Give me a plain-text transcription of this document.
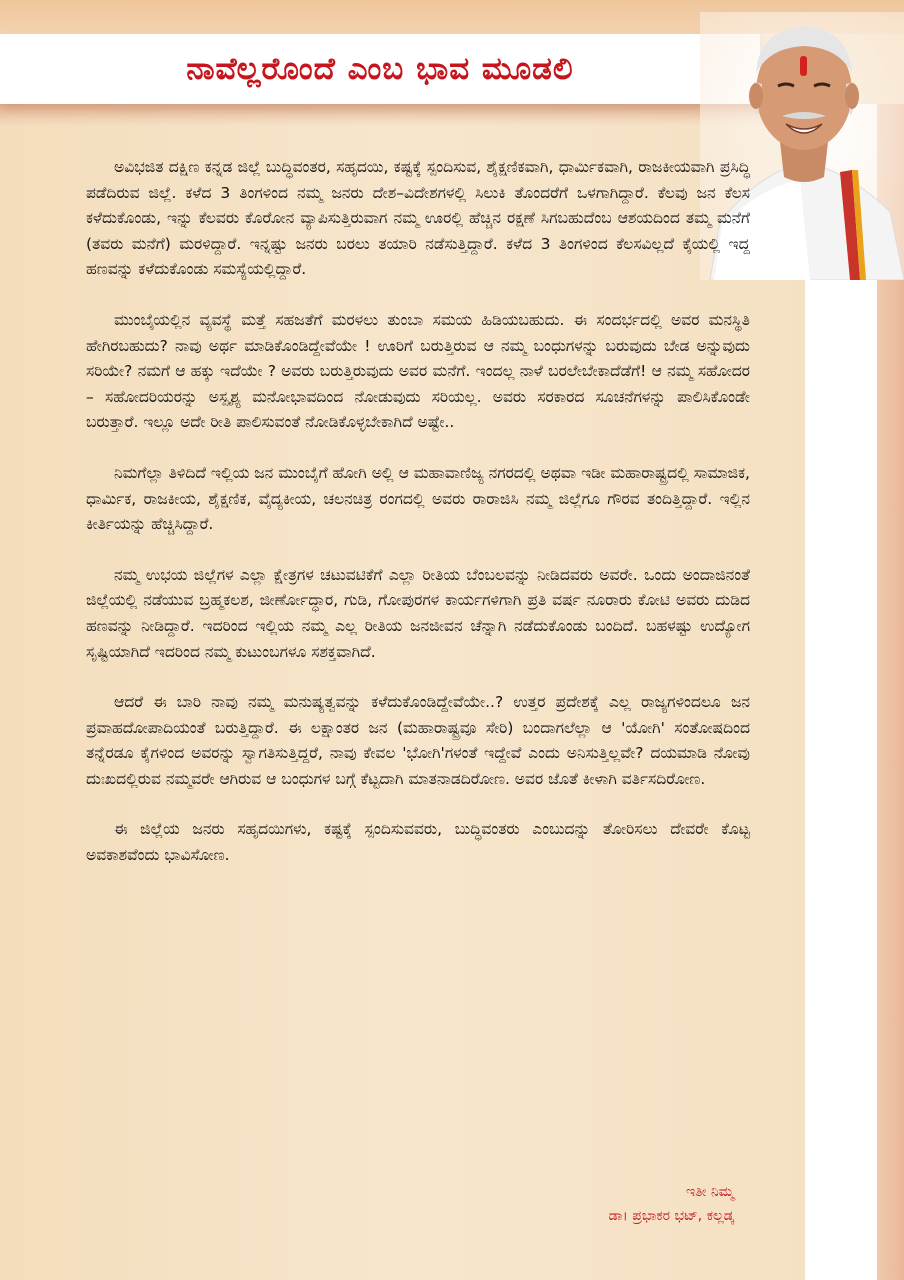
ನಾವೆಲ್ಲರೊಂದೆ ಎಂಬ ಭಾವ ಮೂಡಲಿ

ಅವಿಭಜಿತ ದಕ್ಷಿಣ ಕನ್ನಡ ಜಿಲ್ಲೆ ಬುದ್ಧಿವಂತರ, ಸಹೃದಯಿ, ಕಷ್ಟಕ್ಕೆ ಸ್ಪಂದಿಸುವ, ಶೈಕ್ಷಣಿಕವಾಗಿ, ಧಾರ್ಮಿಕವಾಗಿ, ರಾಜಕೀಯವಾಗಿ ಪ್ರಸಿದ್ಧಿ ಪಡೆದಿರುವ ಜಿಲ್ಲೆ. ಕಳೆದ 3 ತಿಂಗಳಿಂದ ನಮ್ಮ ಜನರು ದೇಶ–ವಿದೇಶಗಳಲ್ಲಿ ಸಿಲುಕಿ ತೊಂದರೆಗೆ ಒಳಗಾಗಿದ್ದಾರೆ. ಕೆಲವು ಜನ ಕೆಲಸ ಕಳೆದುಕೊಂಡು, ಇನ್ನು ಕೆಲವರು ಕೊರೋನ ವ್ಯಾಪಿಸುತ್ತಿರುವಾಗ ನಮ್ಮ ಊರಲ್ಲಿ ಹೆಚ್ಚಿನ ರಕ್ಷಣೆ ಸಿಗಬಹುದೆಂಬ ಆಶಯದಿಂದ ತಮ್ಮ ಮನೆಗೆ (ತವರು ಮನೆಗೆ) ಮರಳಿದ್ದಾರೆ. ಇನ್ನಷ್ಟು ಜನರು ಬರಲು ತಯಾರಿ ನಡೆಸುತ್ತಿದ್ದಾರೆ. ಕಳೆದ 3 ತಿಂಗಳಿಂದ ಕೆಲಸವಿಲ್ಲದೆ ಕೈಯಲ್ಲಿ ಇದ್ದ ಹಣವನ್ನು ಕಳೆದುಕೊಂಡು ಸಮಸ್ಯೆಯಲ್ಲಿದ್ದಾರೆ.

ಮುಂಬೈಯಲ್ಲಿನ ವ್ಯವಸ್ಥೆ ಮತ್ತೆ ಸಹಜತೆಗೆ ಮರಳಲು ತುಂಬಾ ಸಮಯ ಹಿಡಿಯಬಹುದು. ಈ ಸಂದರ್ಭದಲ್ಲಿ ಅವರ ಮನಸ್ಥಿತಿ ಹೇಗಿರಬಹುದು? ನಾವು ಅರ್ಥ ಮಾಡಿಕೊಂಡಿದ್ದೇವೆಯೇ ! ಊರಿಗೆ ಬರುತ್ತಿರುವ ಆ ನಮ್ಮ ಬಂಧುಗಳನ್ನು ಬರುವುದು ಬೇಡ ಅನ್ನುವುದು ಸರಿಯೇ? ನಮಗೆ ಆ ಹಕ್ಕು ಇದೆಯೇ ? ಅವರು ಬರುತ್ತಿರುವುದು ಅವರ ಮನೆಗೆ. ಇಂದಲ್ಲ ನಾಳೆ ಬರಲೇಬೇಕಾದೆಡೆಗೆ! ಆ ನಮ್ಮ ಸಹೋದರ – ಸಹೋದರಿಯರನ್ನು ಅಸ್ಪೃಶ್ಯ ಮನೋಭಾವದಿಂದ ನೋಡುವುದು ಸರಿಯಲ್ಲ. ಅವರು ಸರಕಾರದ ಸೂಚನೆಗಳನ್ನು ಪಾಲಿಸಿಕೊಂಡೇ ಬರುತ್ತಾರೆ. ಇಲ್ಲೂ ಅದೇ ರೀತಿ ಪಾಲಿಸುವಂತೆ ನೋಡಿಕೊಳ್ಳಬೇಕಾಗಿದೆ ಅಷ್ಟೇ..

ನಿಮಗೆಲ್ಲಾ ತಿಳಿದಿದೆ ಇಲ್ಲಿಯ ಜನ ಮುಂಬೈಗೆ ಹೋಗಿ ಅಲ್ಲಿ ಆ ಮಹಾವಾಣಿಜ್ಯ ನಗರದಲ್ಲಿ ಅಥವಾ ಇಡೀ ಮಹಾರಾಷ್ಟ್ರದಲ್ಲಿ ಸಾಮಾಜಿಕ, ಧಾರ್ಮಿಕ, ರಾಜಕೀಯ, ಶೈಕ್ಷಣಿಕ, ವೈದ್ಯಕೀಯ, ಚಲನಚಿತ್ರ ರಂಗದಲ್ಲಿ ಅವರು ರಾರಾಜಿಸಿ ನಮ್ಮ ಜಿಲ್ಲೆಗೂ ಗೌರವ ತಂದಿತ್ತಿದ್ದಾರೆ. ಇಲ್ಲಿನ ಕೀರ್ತಿಯನ್ನು ಹೆಚ್ಚಿಸಿದ್ದಾರೆ.

ನಮ್ಮ ಉಭಯ ಜಿಲ್ಲೆಗಳ ಎಲ್ಲಾ ಕ್ಷೇತ್ರಗಳ ಚಟುವಟಿಕೆಗೆ ಎಲ್ಲಾ ರೀತಿಯ ಬೆಂಬಲವನ್ನು ನೀಡಿದವರು ಅವರೇ. ಒಂದು ಅಂದಾಜಿನಂತೆ ಜಿಲ್ಲೆಯಲ್ಲಿ ನಡೆಯುವ ಬ್ರಹ್ಮಕಲಶ, ಜೀರ್ಣೋದ್ಧಾರ, ಗುಡಿ, ಗೋಪುರಗಳ ಕಾರ್ಯಗಳಿಗಾಗಿ ಪ್ರತಿ ವರ್ಷ ನೂರಾರು ಕೋಟಿ ಅವರು ದುಡಿದ ಹಣವನ್ನು ನೀಡಿದ್ದಾರೆ. ಇದರಿಂದ ಇಲ್ಲಿಯ ನಮ್ಮ ಎಲ್ಲ ರೀತಿಯ ಜನಜೀವನ ಚೆನ್ನಾಗಿ ನಡೆದುಕೊಂಡು ಬಂದಿದೆ. ಬಹಳಷ್ಟು ಉದ್ಯೋಗ ಸೃಷ್ಟಿಯಾಗಿದೆ ಇದರಿಂದ ನಮ್ಮ ಕುಟುಂಬಗಳೂ ಸಶಕ್ತವಾಗಿದೆ.

ಆದರೆ ಈ ಬಾರಿ ನಾವು ನಮ್ಮ ಮನುಷ್ಯತ್ವವನ್ನು ಕಳೆದುಕೊಂಡಿದ್ದೇವೆಯೇ..? ಉತ್ತರ ಪ್ರದೇಶಕ್ಕೆ ಎಲ್ಲ ರಾಜ್ಯಗಳಿಂದಲೂ ಜನ ಪ್ರವಾಹದೋಪಾದಿಯಂತೆ ಬರುತ್ತಿದ್ದಾರೆ. ಈ ಲಕ್ಷಾಂತರ ಜನ (ಮಹಾರಾಷ್ಟ್ರವೂ ಸೇರಿ) ಬಂದಾಗಲೆಲ್ಲಾ ಆ 'ಯೋಗಿ' ಸಂತೋಷದಿಂದ ತನ್ನೆರಡೂ ಕೈಗಳಿಂದ ಅವರನ್ನು ಸ್ವಾಗತಿಸುತ್ತಿದ್ದರೆ, ನಾವು ಕೇವಲ 'ಭೋಗಿ'ಗಳಂತೆ ಇದ್ದೇವೆ ಎಂದು ಅನಿಸುತ್ತಿಲ್ಲವೇ? ದಯಮಾಡಿ ನೋವು ದುಃಖದಲ್ಲಿರುವ ನಮ್ಮವರೇ ಆಗಿರುವ ಆ ಬಂಧುಗಳ ಬಗ್ಗೆ ಕೆಟ್ಟದಾಗಿ ಮಾತನಾಡದಿರೋಣ. ಅವರ ಜೊತೆ ಕೀಳಾಗಿ ವರ್ತಿಸದಿರೋಣ.

ಈ ಜಿಲ್ಲೆಯ ಜನರು ಸಹೃದಯಿಗಳು, ಕಷ್ಟಕ್ಕೆ ಸ್ಪಂದಿಸುವವರು, ಬುದ್ಧಿವಂತರು ಎಂಬುದನ್ನು ತೋರಿಸಲು ದೇವರೇ ಕೊಟ್ಟ ಅವಕಾಶವೆಂದು ಭಾವಿಸೋಣ.

ಇತೀ ನಿಮ್ಮ
ಡಾ। ಪ್ರಭಾಕರ ಭಟ್, ಕಲ್ಲಡ್ಕ
